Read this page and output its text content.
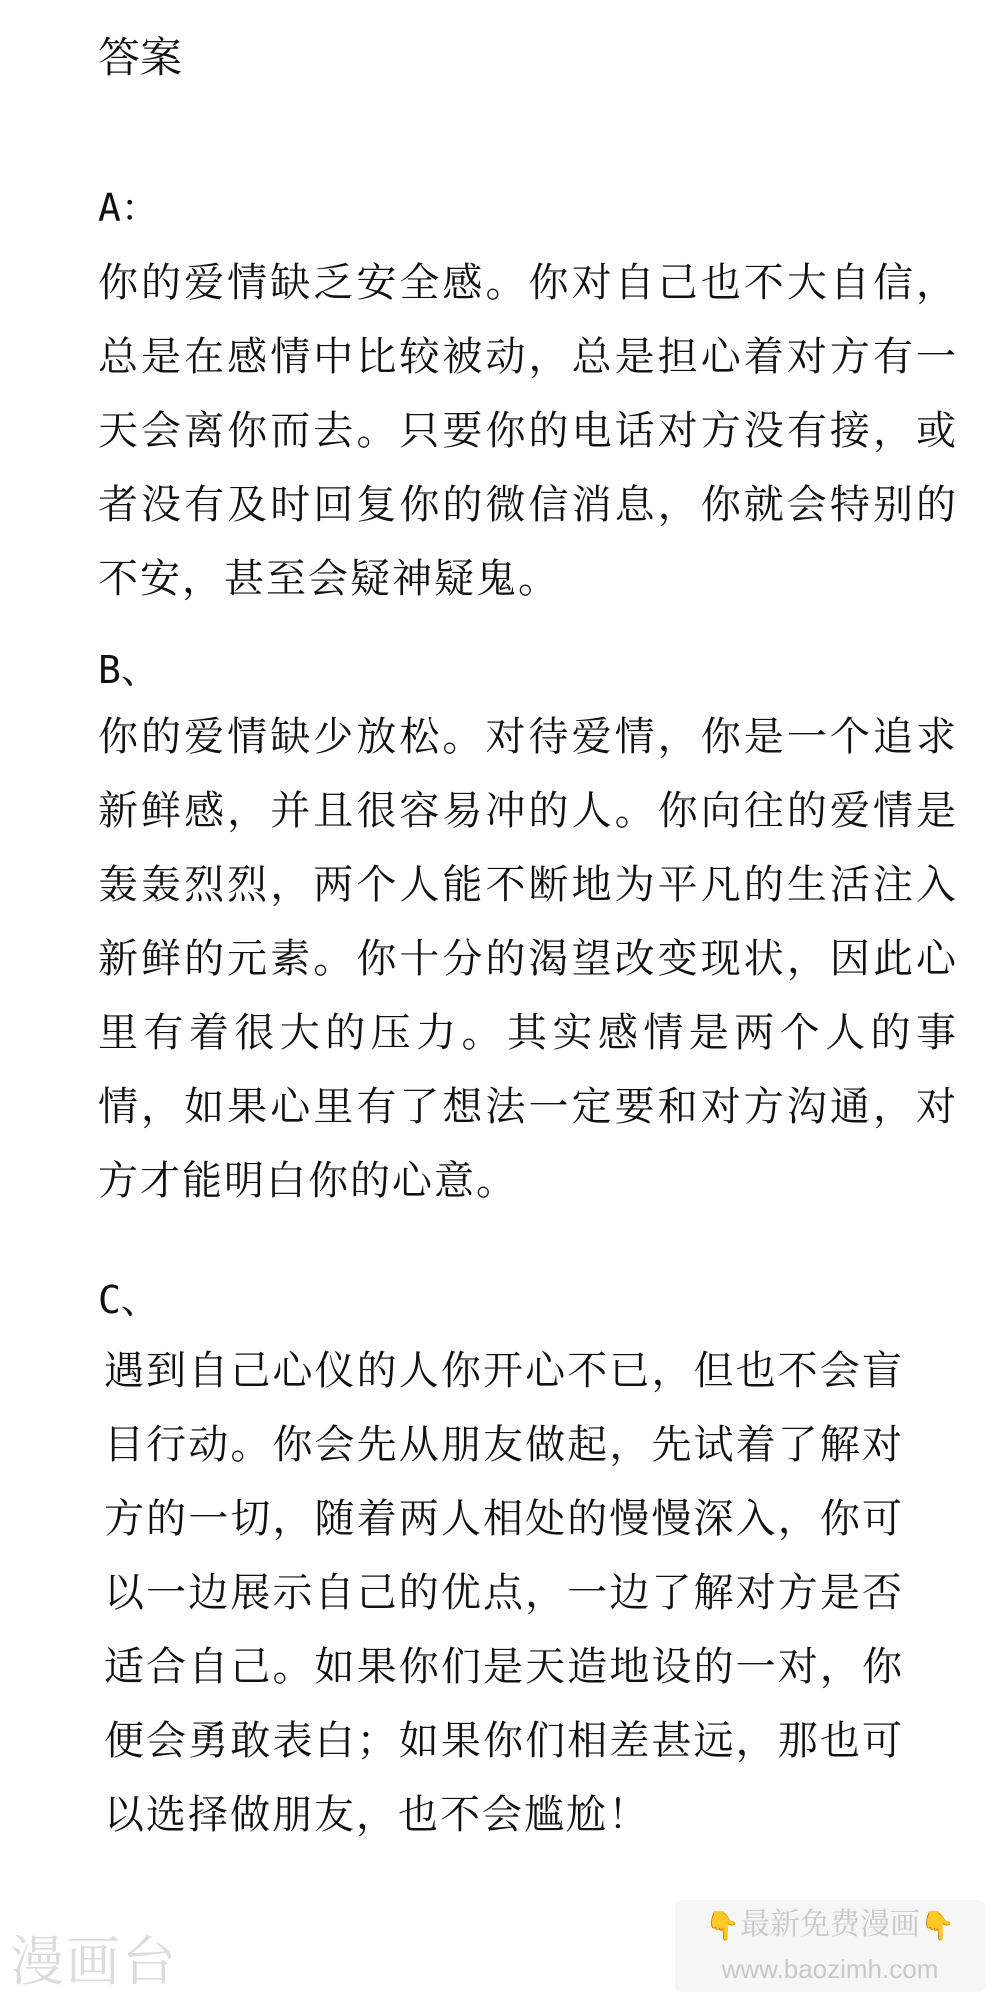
答案
A：

你的爱情缺乏安全感。你对自己也不大自信，总是在感情中比较被动，总是担心着对方有一天会离你而去。只要你的电话对方没有接，或者没有及时回复你的微信消息，你就会特别的不安，甚至会疑神疑鬼。

B、

你的爱情缺少放松。对待爱情，你是一个追求新鲜感，并且很容易冲的人。你向往的爱情是轰轰烈烈，两个人能不断地为平凡的生活注入新鲜的元素。你十分的渴望改变现状，因此心里有着很大的压力。其实感情是两个人的事情，如果心里有了想法一定要和对方沟通，对方才能明白你的心意。

C、

遇到自己心仪的人你开心不已，但也不会盲目行动。你会先从朋友做起，先试着了解对方的一切，随着两人相处的慢慢深入，你可以一边展示自己的优点，一边了解对方是否适合自己。如果你们是天造地设的一对，你便会勇敢表白；如果你们相差甚远，那也可以选择做朋友，也不会尴尬！

漫画台
👇最新免费漫画👇
www.baozimh.com
